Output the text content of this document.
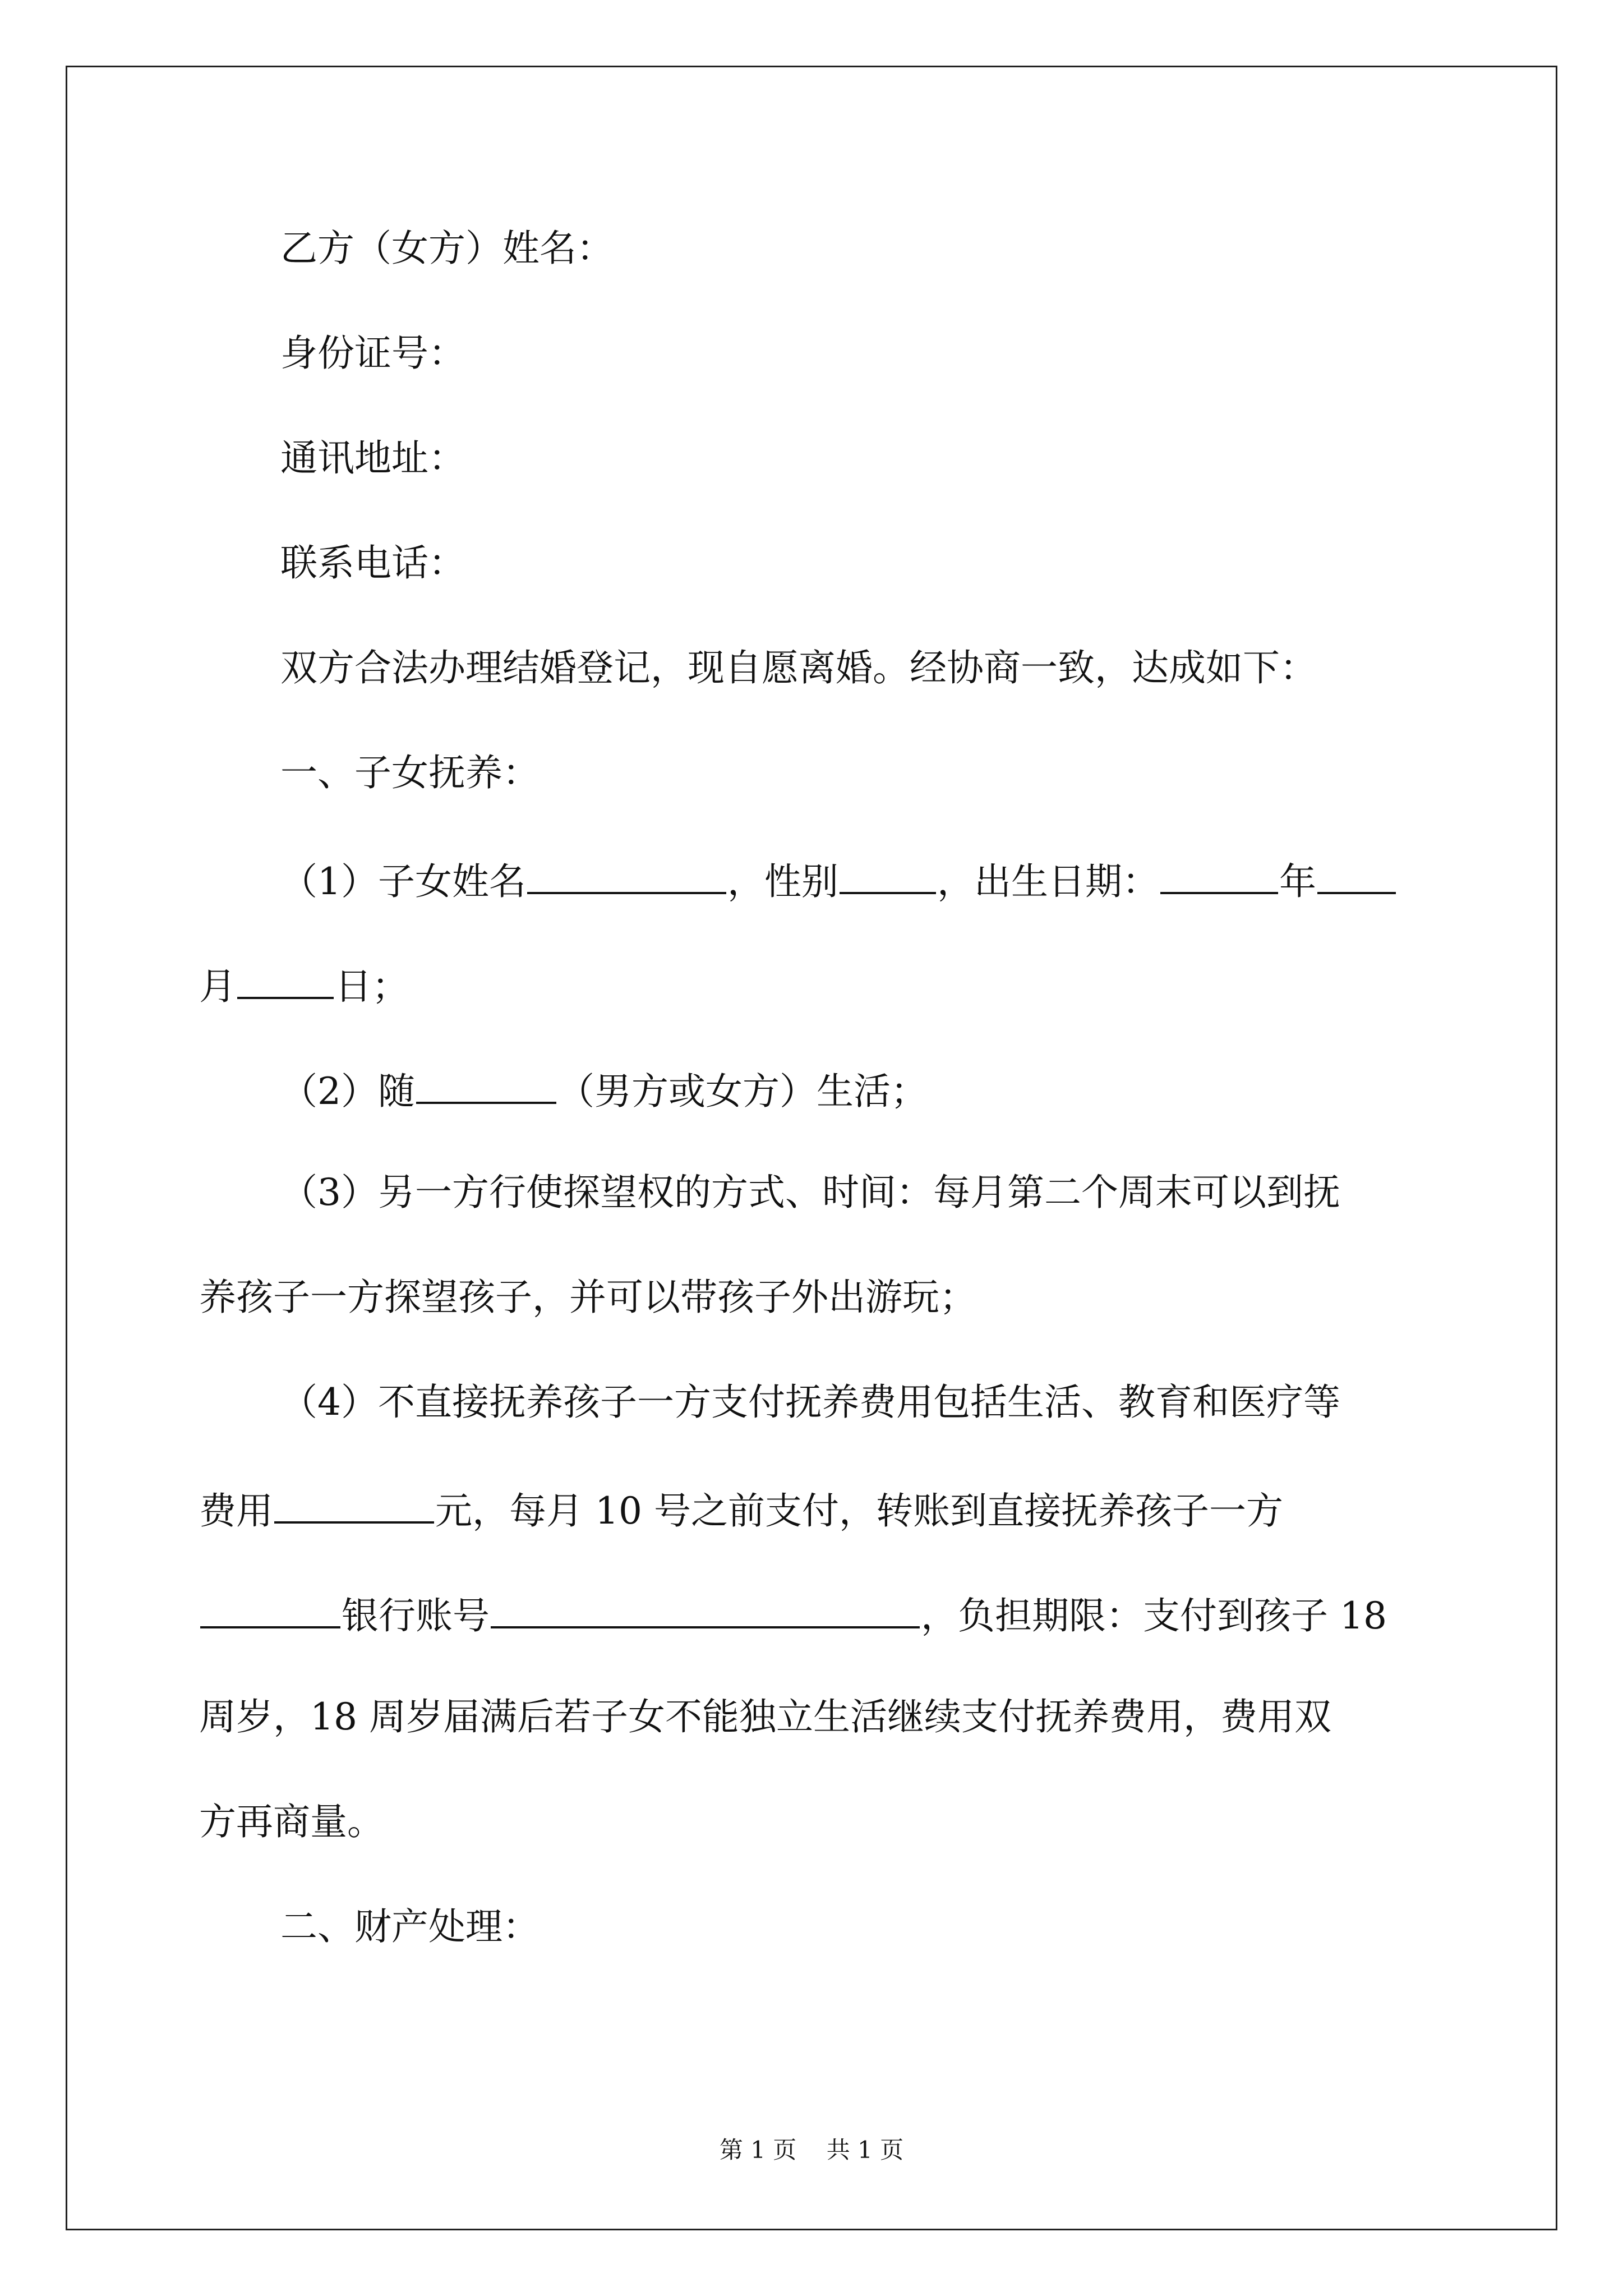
乙方（女方）姓名：
身份证号：
通讯地址：
联系电话：
双方合法办理结婚登记，现自愿离婚。经协商一致，达成如下：
一、子女抚养：
（1）子女姓名	，性别	，出生日期：	年
月	日；
（2）随	（男方或女方）生活；
（3）另一方行使探望权的方式、时间：每月第二个周末可以到抚
养孩子一方探望孩子，并可以带孩子外出游玩；
（4）不直接抚养孩子一方支付抚养费用包括生活、教育和医疗等
费用	元，每月 10 号之前支付，转账到直接抚养孩子一方
银行账号	，负担期限：支付到孩子 18
周岁，18 周岁届满后若子女不能独立生活继续支付抚养费用，费用双
方再商量。
二、财产处理：
第 1 页    共 1 页
